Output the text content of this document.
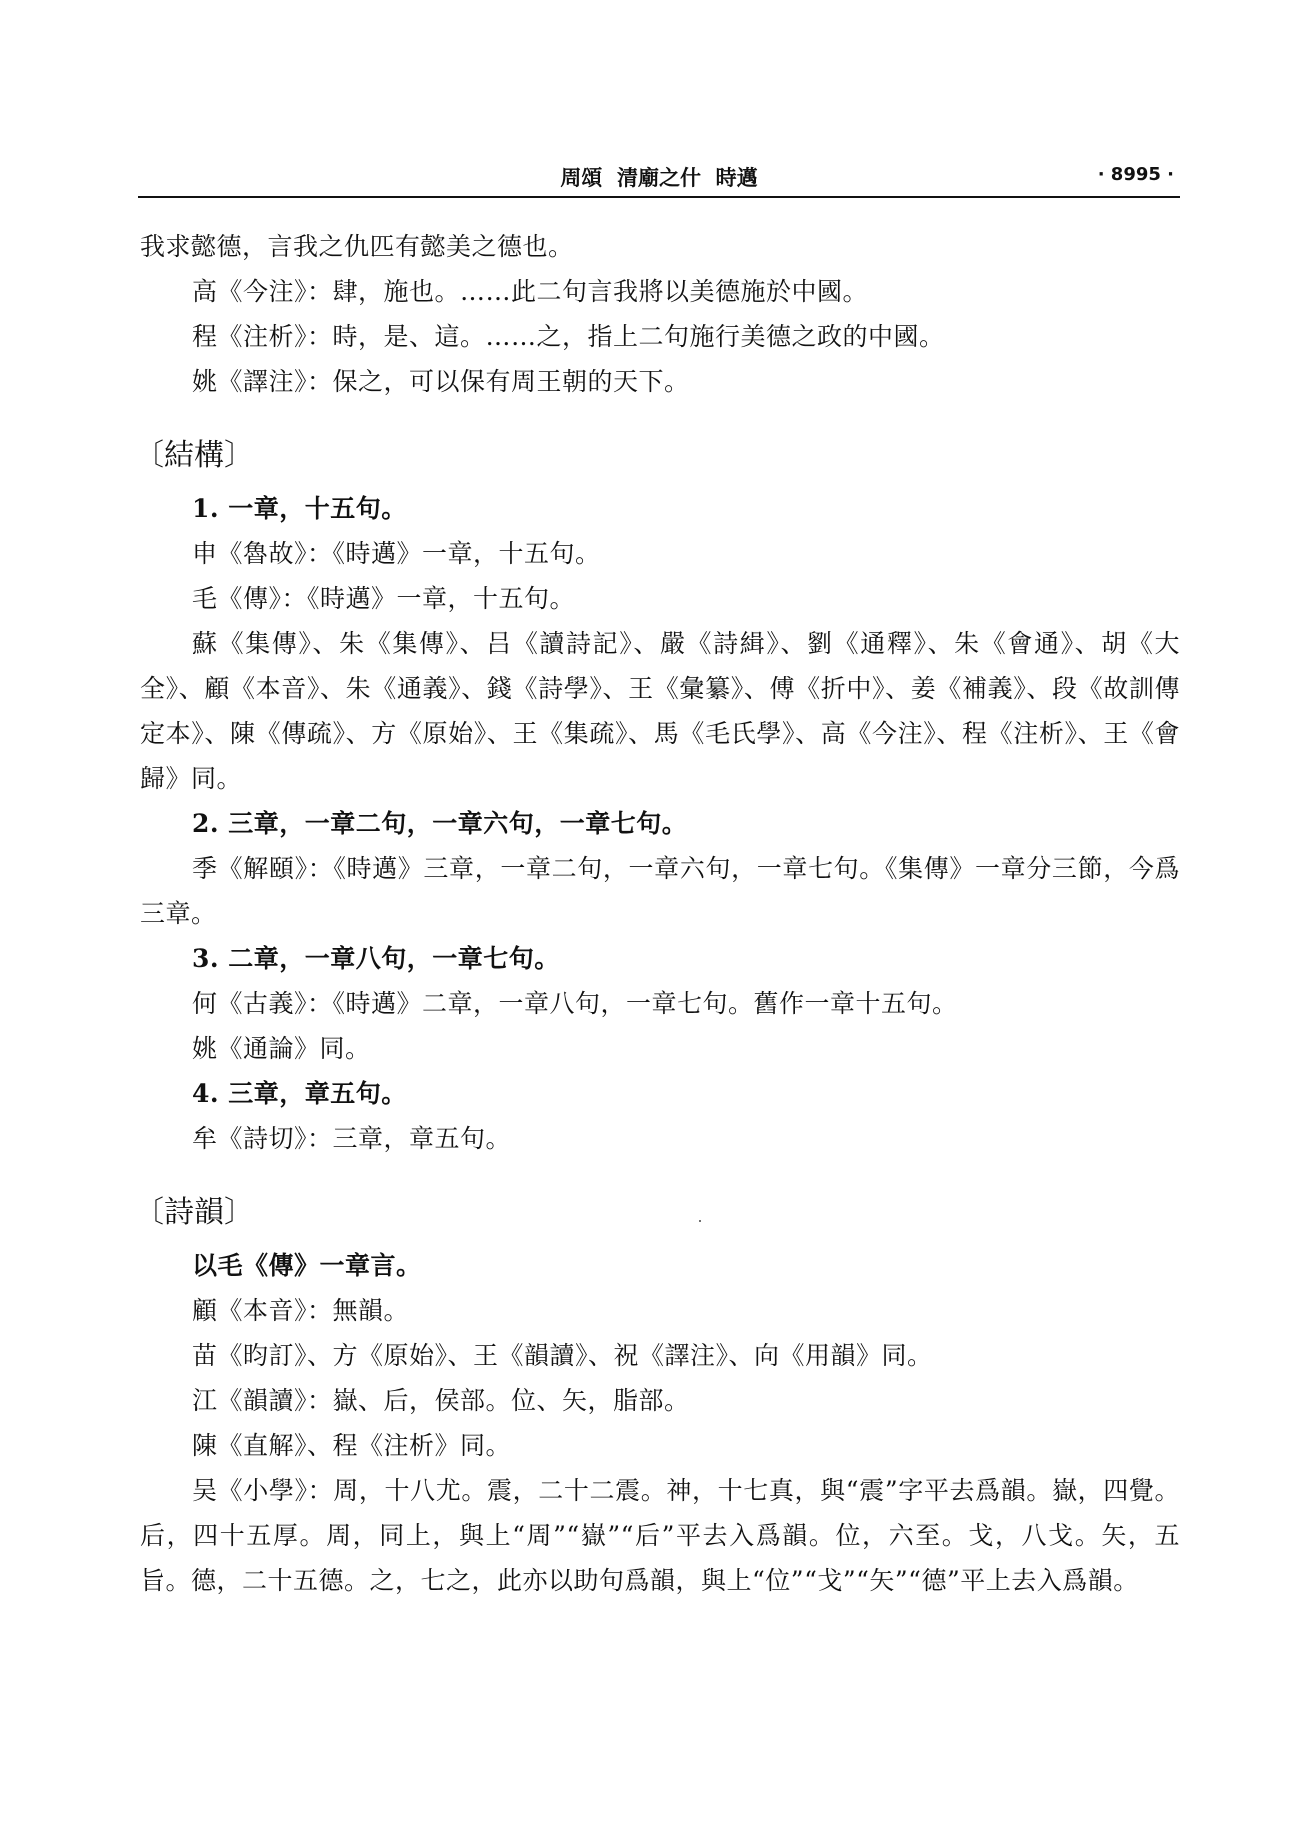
周頌  清廟之什  時邁	· 8995 ·

我求懿德，言我之仇匹有懿美之德也。

高《今注》：肆，施也。……此二句言我將以美德施於中國。

程《注析》：時，是、這。……之，指上二句施行美德之政的中國。

姚《譯注》：保之，可以保有周王朝的天下。

〔結構〕

1. 一章，十五句。

申《魯故》：《時邁》一章，十五句。

毛《傳》：《時邁》一章，十五句。

蘇《集傳》、朱《集傳》、吕《讀詩記》、嚴《詩緝》、劉《通釋》、朱《會通》、胡《大全》、顧《本音》、朱《通義》、錢《詩學》、王《彙纂》、傅《折中》、姜《補義》、段《故訓傳定本》、陳《傳疏》、方《原始》、王《集疏》、馬《毛氏學》、高《今注》、程《注析》、王《會歸》同。

2. 三章，一章二句，一章六句，一章七句。

季《解頤》：《時邁》三章，一章二句，一章六句，一章七句。《集傳》一章分三節，今爲三章。

3. 二章，一章八句，一章七句。

何《古義》：《時邁》二章，一章八句，一章七句。舊作一章十五句。

姚《通論》同。

4. 三章，章五句。

牟《詩切》：三章，章五句。

〔詩韻〕

以毛《傳》一章言。

顧《本音》：無韻。

苗《昀訂》、方《原始》、王《韻讀》、祝《譯注》、向《用韻》同。

江《韻讀》：嶽、后，侯部。位、矢，脂部。

陳《直解》、程《注析》同。

吴《小學》：周，十八尤。震，二十二震。神，十七真，與“震”字平去爲韻。嶽，四覺。后，四十五厚。周，同上，與上“周”“嶽”“后”平去入爲韻。位，六至。戈，八戈。矢，五旨。德，二十五德。之，七之，此亦以助句爲韻，與上“位”“戈”“矢”“德”平上去入爲韻。
